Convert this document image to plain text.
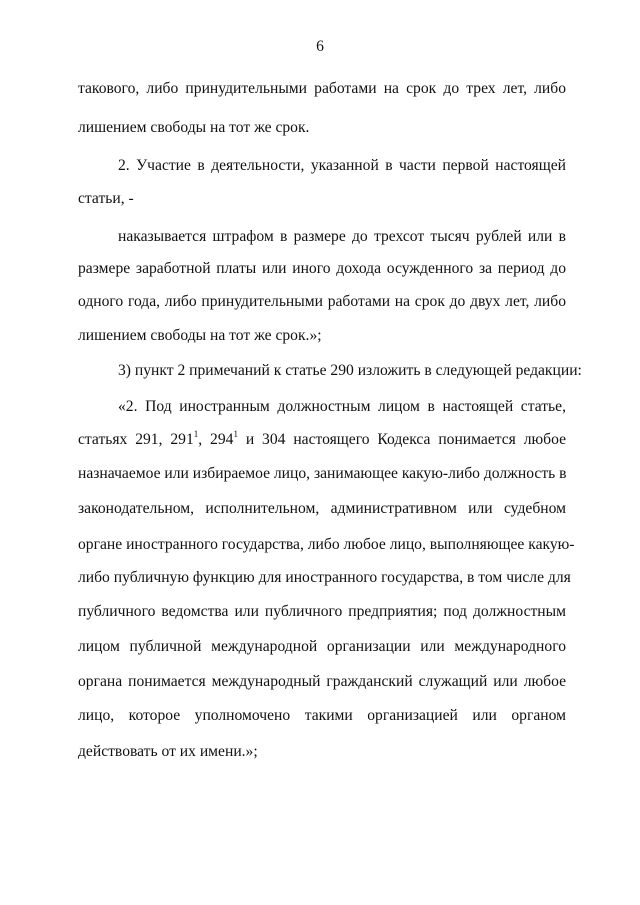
6
такового, либо принудительными работами на срок до трех лет, либо
лишением свободы на тот же срок.
2. Участие в деятельности, указанной в части первой настоящей
статьи, -
наказывается штрафом в размере до трехсот тысяч рублей или в
размере заработной платы или иного дохода осужденного за период до
одного года, либо принудительными работами на срок до двух лет, либо
лишением свободы на тот же срок.»;
3) пункт 2 примечаний к статье 290 изложить в следующей редакции:
«2. Под иностранным должностным лицом в настоящей статье,
статьях 291, $291^1$, $294^1$ и 304 настоящего Кодекса понимается любое
назначаемое или избираемое лицо, занимающее какую-либо должность в
законодательном, исполнительном, административном или судебном
органе иностранного государства, либо любое лицо, выполняющее какую-
либо публичную функцию для иностранного государства, в том числе для
публичного ведомства или публичного предприятия; под должностным
лицом публичной международной организации или международного
органа понимается международный гражданский служащий или любое
лицо, которое уполномочено такими организацией или органом
действовать от их имени.»;
